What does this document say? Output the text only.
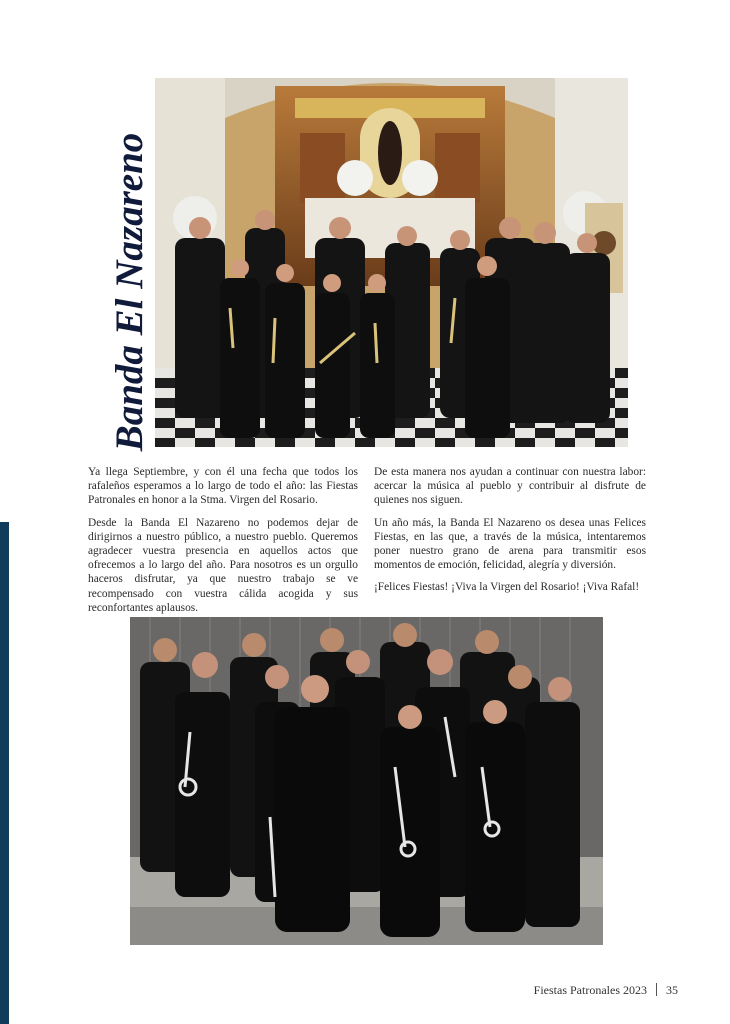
Banda El Nazareno

Ya llega Septiembre, y con él una fecha que todos los rafaleños esperamos a lo largo de todo el año: las Fiestas Patronales en honor a la Stma. Virgen del Rosario.

Desde la Banda El Nazareno no podemos dejar de dirigirnos a nuestro público, a nuestro pueblo. Queremos agradecer vuestra presencia en aquellos actos que ofrecemos a lo largo del año. Para nosotros es un orgullo haceros disfrutar, ya que nuestro trabajo se ve recompensado con vuestra cálida acogida y sus reconfortantes aplausos.

De esta manera nos ayudan a continuar con nuestra labor: acercar la música al pueblo y contribuir al disfrute de quienes nos siguen.

Un año más, la Banda El Nazareno os desea unas Felices Fiestas, en las que, a través de la música, intentaremos poner nuestro grano de arena para transmitir esos momentos de emoción, felicidad, alegría y diversión.

¡Felices Fiestas! ¡Viva la Virgen del Rosario! ¡Viva Rafal!

Fiestas Patronales 2023 35
